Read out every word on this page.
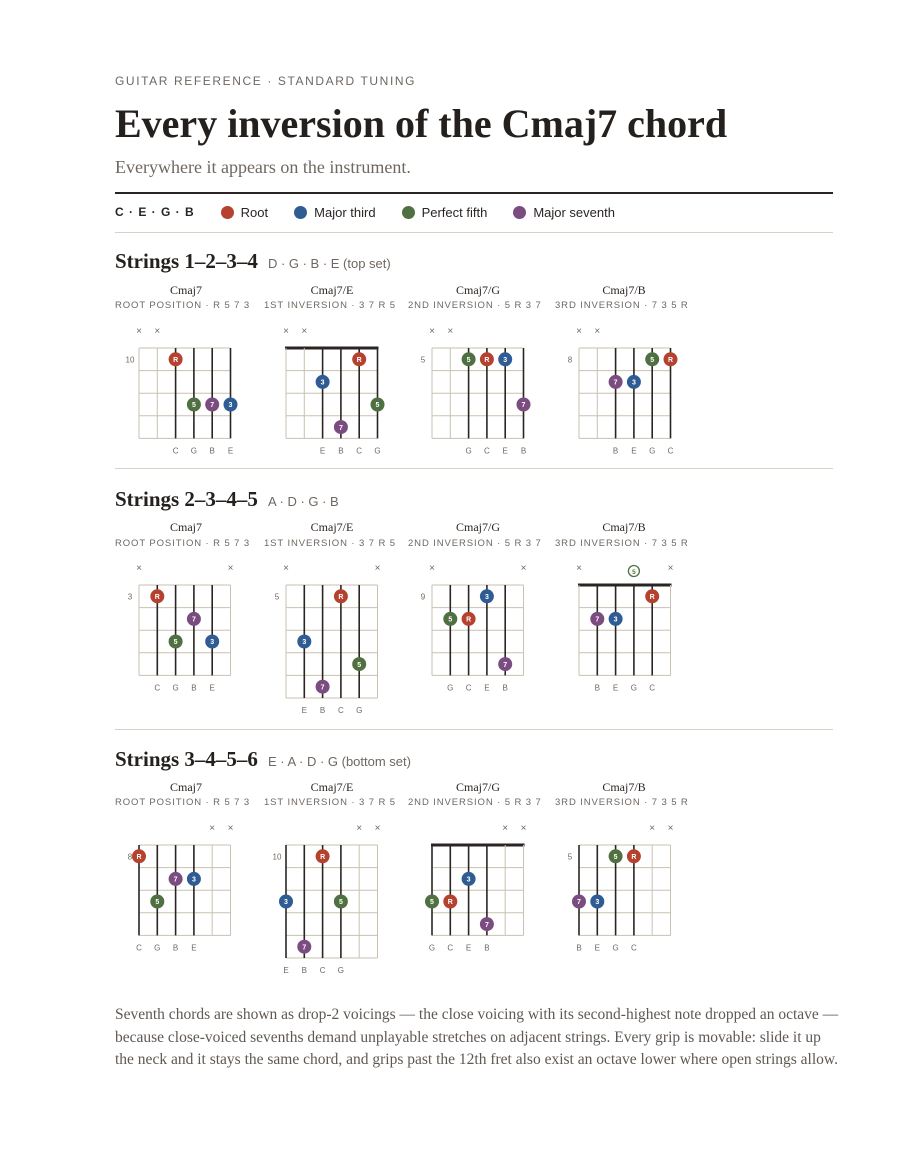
GUITAR REFERENCE · STANDARD TUNING
Every inversion of the Cmaj7 chord
Everywhere it appears on the instrument.
C · E · G · B	Root	Major third	Perfect fifth	Major seventh
Strings 1–2–3–4 D · G · B · E (top set)
Cmaj7	Cmaj7/E	Cmaj7/G	Cmaj7/B
ROOT POSITION · R 5 7 3	1ST INVERSION · 3 7 R 5	2ND INVERSION · 5 R 3 7	3RD INVERSION · 7 3 5 R
Strings 2–3–4–5 A · D · G · B
Cmaj7	Cmaj7/E	Cmaj7/G	Cmaj7/B
ROOT POSITION · R 5 7 3	1ST INVERSION · 3 7 R 5	2ND INVERSION · 5 R 3 7	3RD INVERSION · 7 3 5 R
Strings 3–4–5–6 E · A · D · G (bottom set)
Cmaj7	Cmaj7/E	Cmaj7/G	Cmaj7/B
ROOT POSITION · R 5 7 3	1ST INVERSION · 3 7 R 5	2ND INVERSION · 5 R 3 7	3RD INVERSION · 7 3 5 R

Seventh chords are shown as drop-2 voicings — the close voicing with its second-highest note dropped an octave — because close-voiced sevenths demand unplayable stretches on adjacent strings. Every grip is movable: slide it up the neck and it stays the same chord, and grips past the 12th fret also exist an octave lower where open strings allow.

10
× ×
R
5 7 3
C G B E
× ×
3
7
R
5
E B C G
5
× ×
5 R 3
7
G C E B
8
× ×
7 3
5 R
B E G C
3
×	×
R
5
7
3
C G B E
5
×	×
3
7
R
5
E B C G
9
×	×
5 R
3
7
G C E B
×	5	×
7 3
R
B E G C
8
× ×
R
5
7 3
C G B E
10
× ×
3
7
R
5
E B C G
× ×
5 R
3
7
G C E B
5
× ×
7 3
5 R
B E G C
